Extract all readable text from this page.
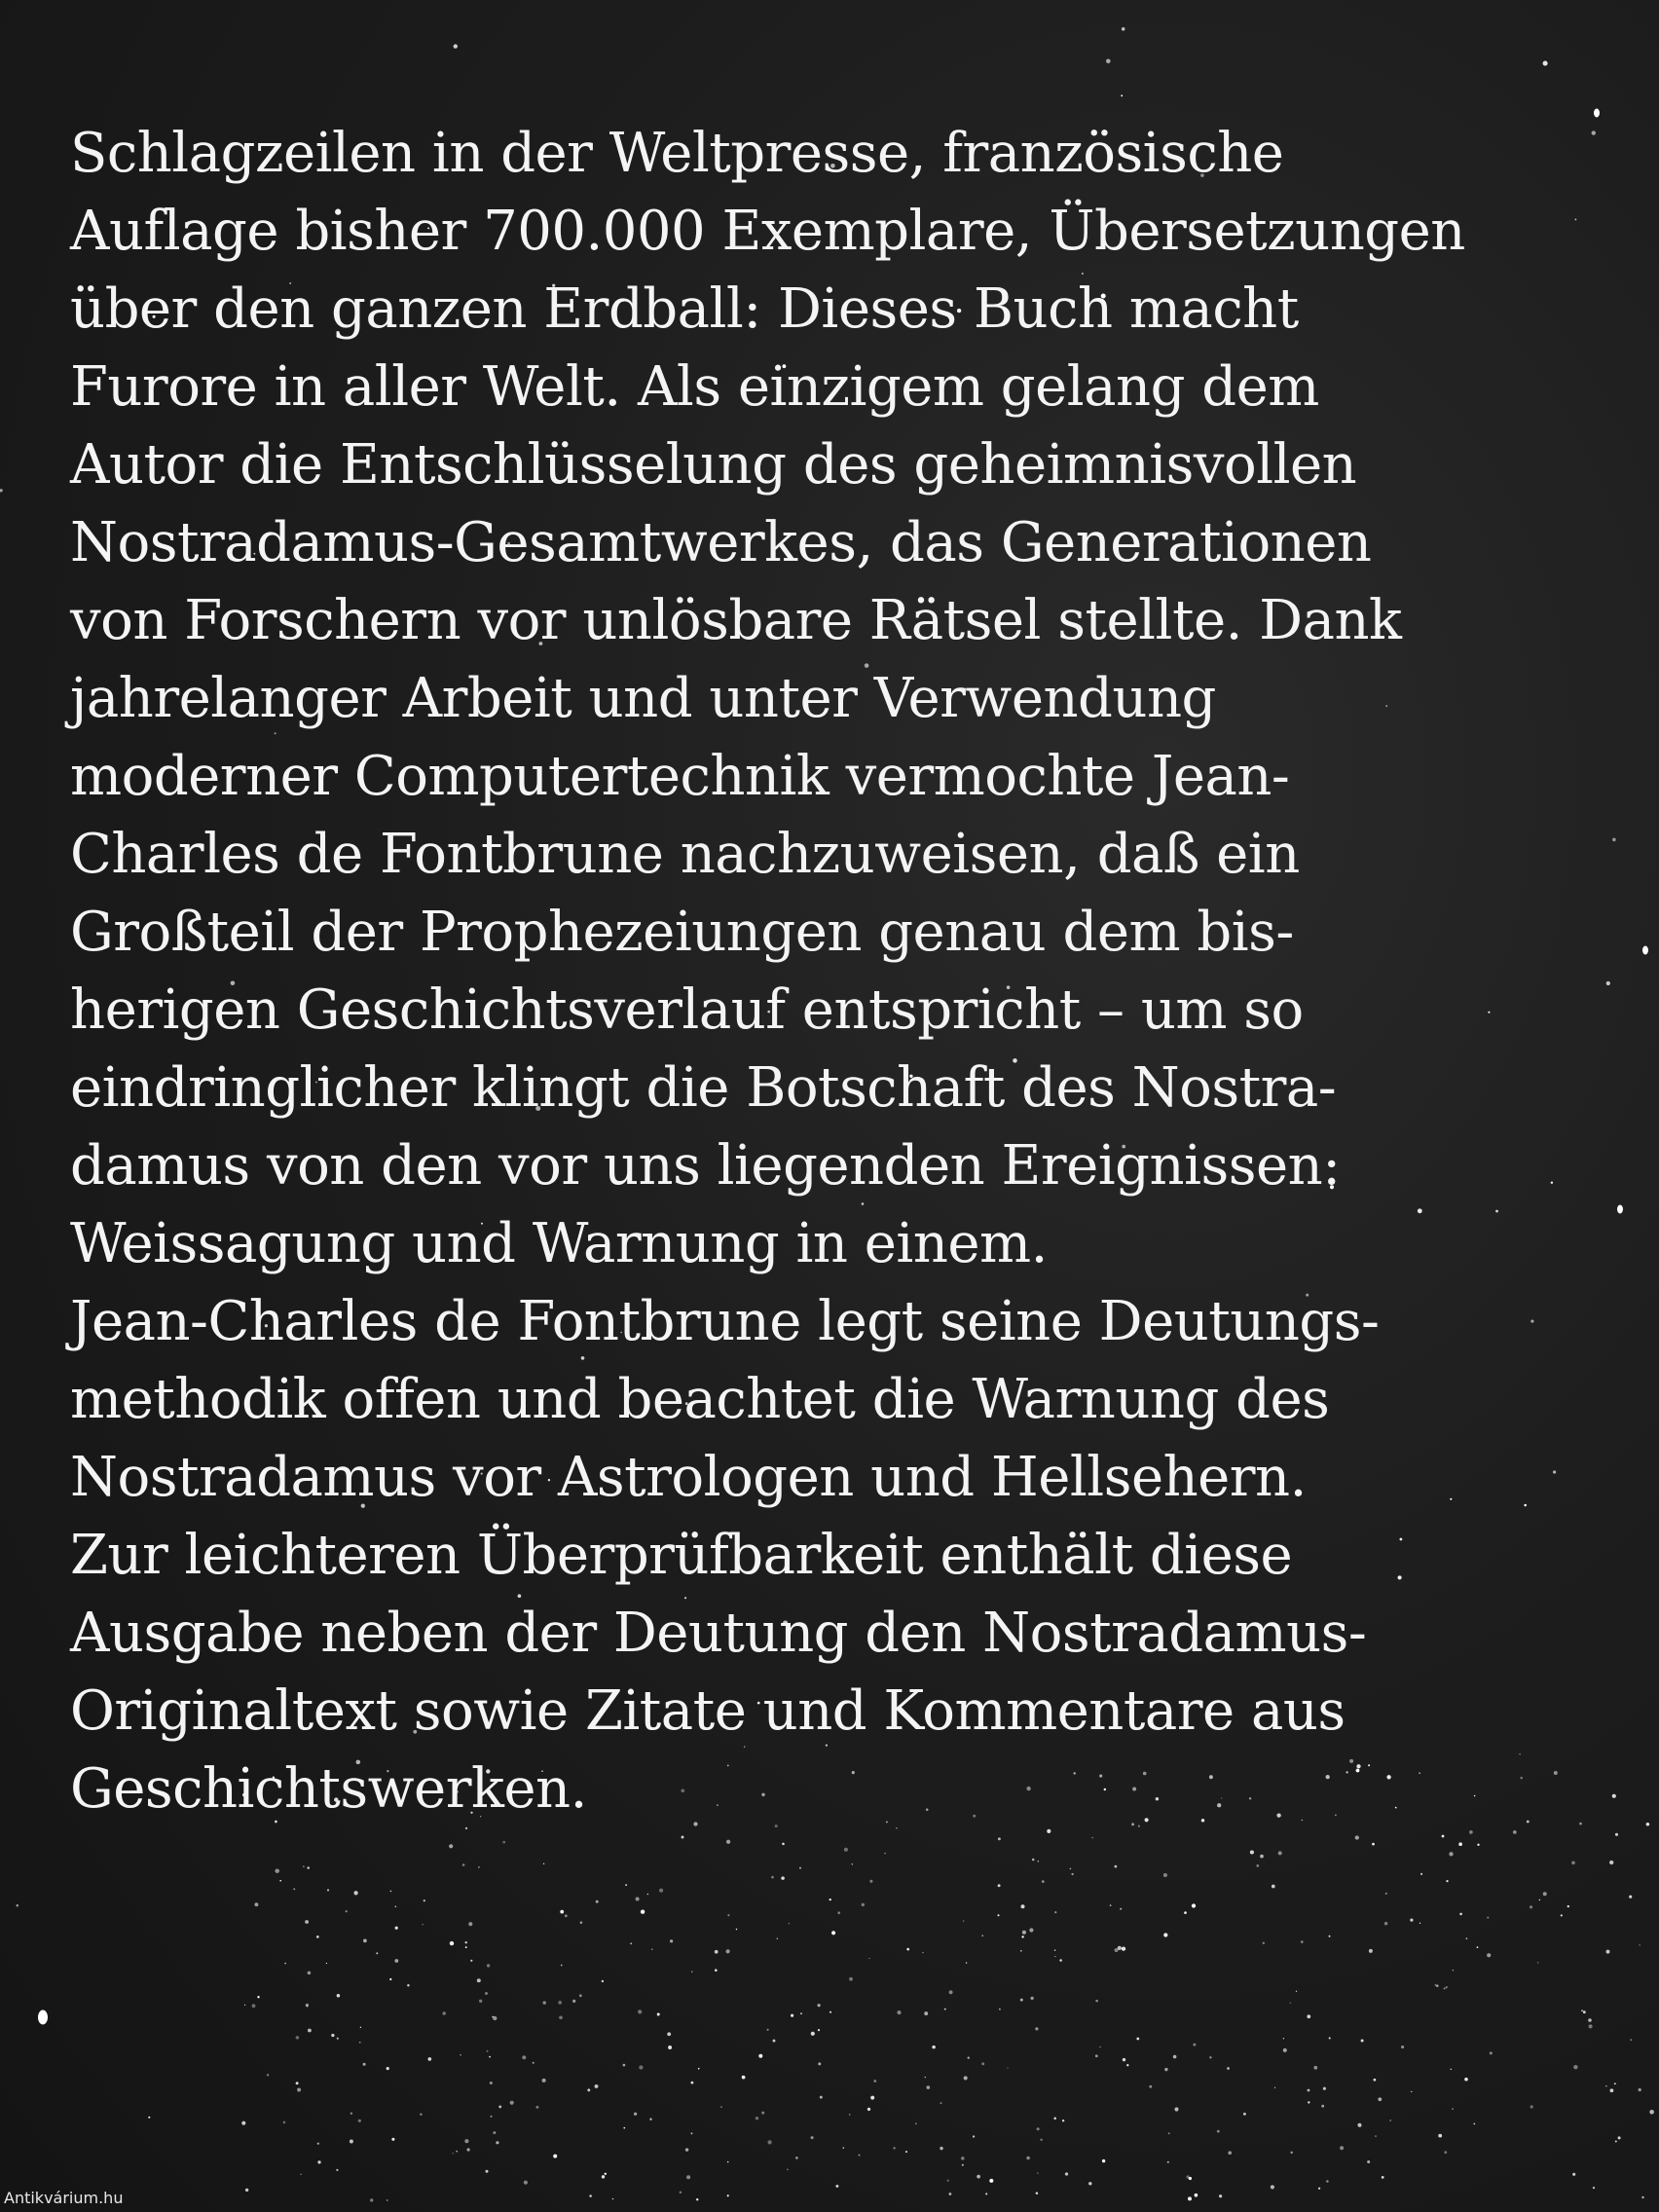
Schlagzeilen in der Weltpresse, französische
Auflage bisher 700.000 Exemplare, Übersetzungen
über den ganzen Erdball: Dieses Buch macht
Furore in aller Welt. Als einzigem gelang dem
Autor die Entschlüsselung des geheimnisvollen
Nostradamus-Gesamtwerkes, das Generationen
von Forschern vor unlösbare Rätsel stellte. Dank
jahrelanger Arbeit und unter Verwendung
moderner Computertechnik vermochte Jean-
Charles de Fontbrune nachzuweisen, daß ein
Großteil der Prophezeiungen genau dem bis-
herigen Geschichtsverlauf entspricht – um so
eindringlicher klingt die Botschaft des Nostra-
damus von den vor uns liegenden Ereignissen:
Weissagung und Warnung in einem.
Jean-Charles de Fontbrune legt seine Deutungs-
methodik offen und beachtet die Warnung des
Nostradamus vor Astrologen und Hellsehern.
Zur leichteren Überprüfbarkeit enthält diese
Ausgabe neben der Deutung den Nostradamus-
Originaltext sowie Zitate und Kommentare aus
Geschichtswerken.

Antikvárium.hu
